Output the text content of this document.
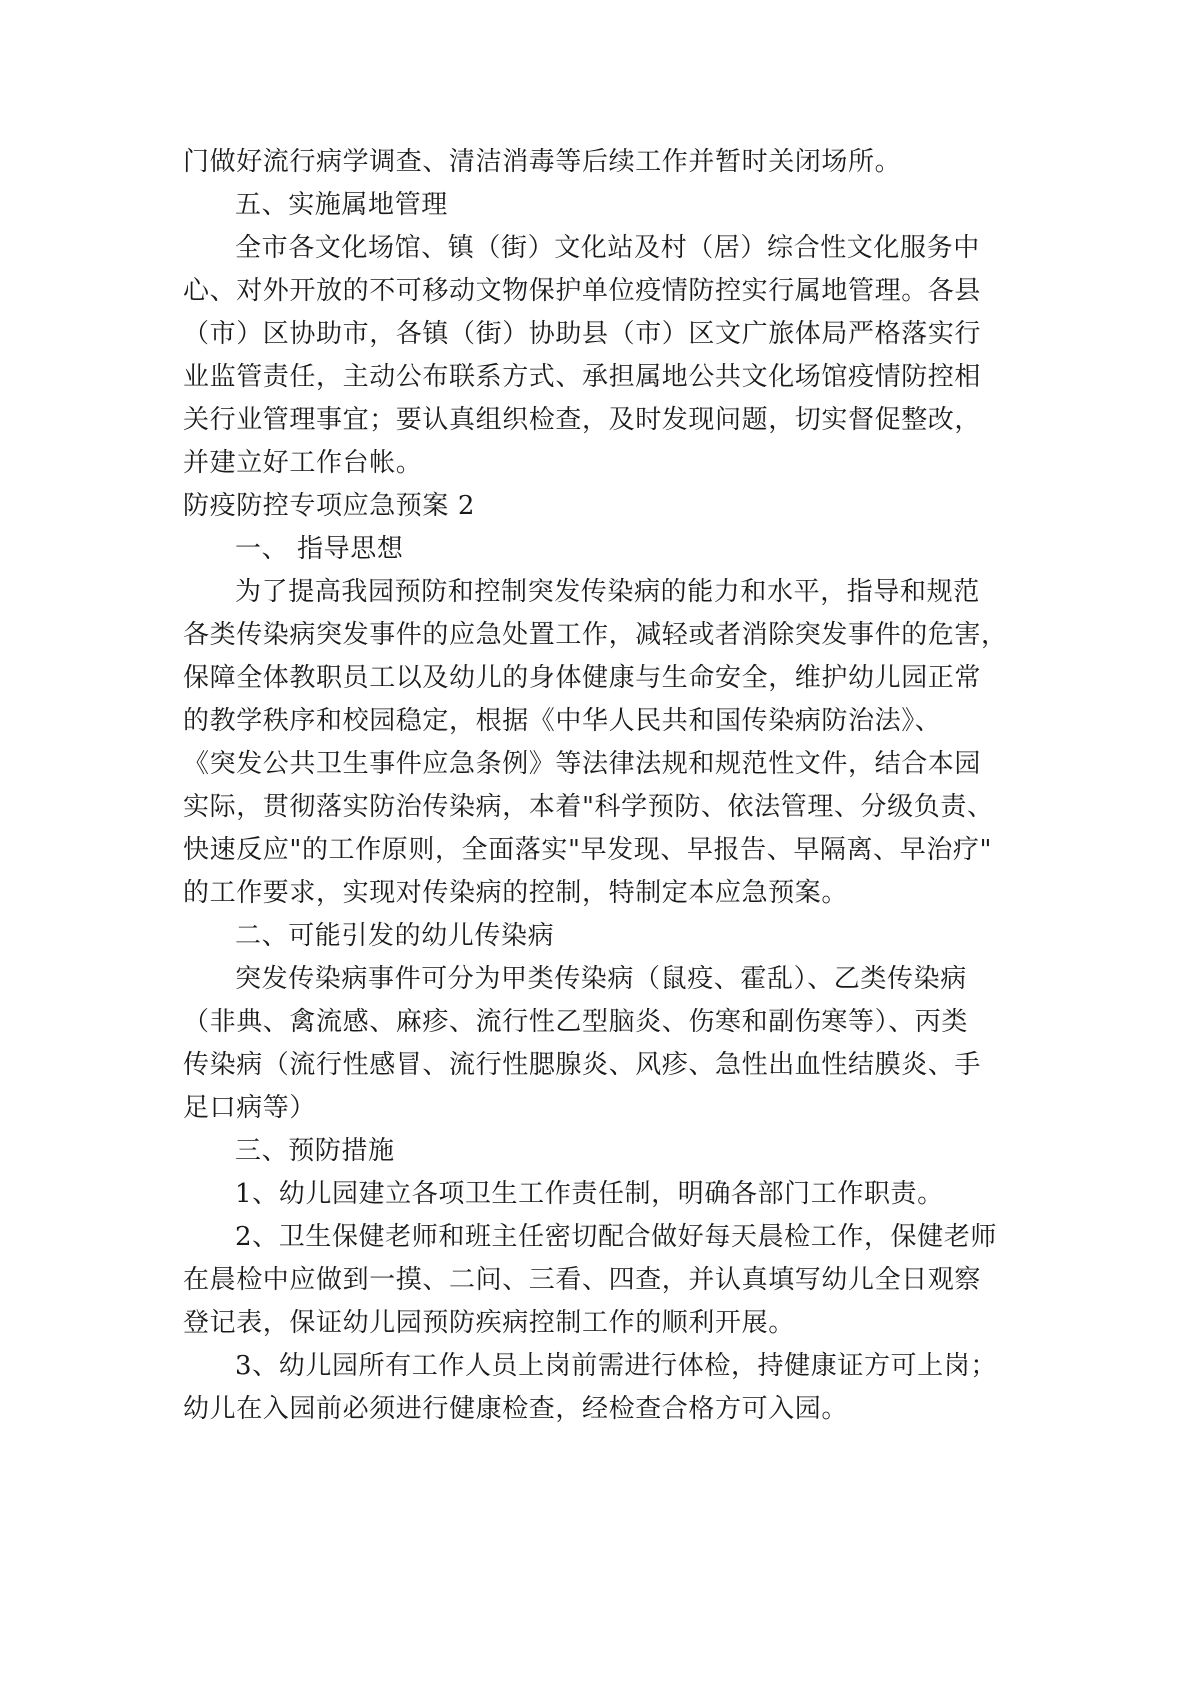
门做好流行病学调查、清洁消毒等后续工作并暂时关闭场所。
五、实施属地管理
全市各文化场馆、镇（街）文化站及村（居）综合性文化服务中
心、对外开放的不可移动文物保护单位疫情防控实行属地管理。各县
（市）区协助市，各镇（街）协助县（市）区文广旅体局严格落实行
业监管责任，主动公布联系方式、承担属地公共文化场馆疫情防控相
关行业管理事宜；要认真组织检查，及时发现问题，切实督促整改，
并建立好工作台帐。
防疫防控专项应急预案 2
一、 指导思想
为了提高我园预防和控制突发传染病的能力和水平，指导和规范
各类传染病突发事件的应急处置工作，减轻或者消除突发事件的危害，
保障全体教职员工以及幼儿的身体健康与生命安全，维护幼儿园正常
的教学秩序和校园稳定，根据《中华人民共和国传染病防治法》、
《突发公共卫生事件应急条例》等法律法规和规范性文件，结合本园
实际，贯彻落实防治传染病，本着"科学预防、依法管理、分级负责、
快速反应"的工作原则，全面落实"早发现、早报告、早隔离、早治疗"
的工作要求，实现对传染病的控制，特制定本应急预案。
二、可能引发的幼儿传染病
突发传染病事件可分为甲类传染病（鼠疫、霍乱）、乙类传染病
（非典、禽流感、麻疹、流行性乙型脑炎、伤寒和副伤寒等）、丙类
传染病（流行性感冒、流行性腮腺炎、风疹、急性出血性结膜炎、手
足口病等）
三、预防措施
1、幼儿园建立各项卫生工作责任制，明确各部门工作职责。
2、卫生保健老师和班主任密切配合做好每天晨检工作，保健老师
在晨检中应做到一摸、二问、三看、四查，并认真填写幼儿全日观察
登记表，保证幼儿园预防疾病控制工作的顺利开展。
3、幼儿园所有工作人员上岗前需进行体检，持健康证方可上岗；
幼儿在入园前必须进行健康检查，经检查合格方可入园。
